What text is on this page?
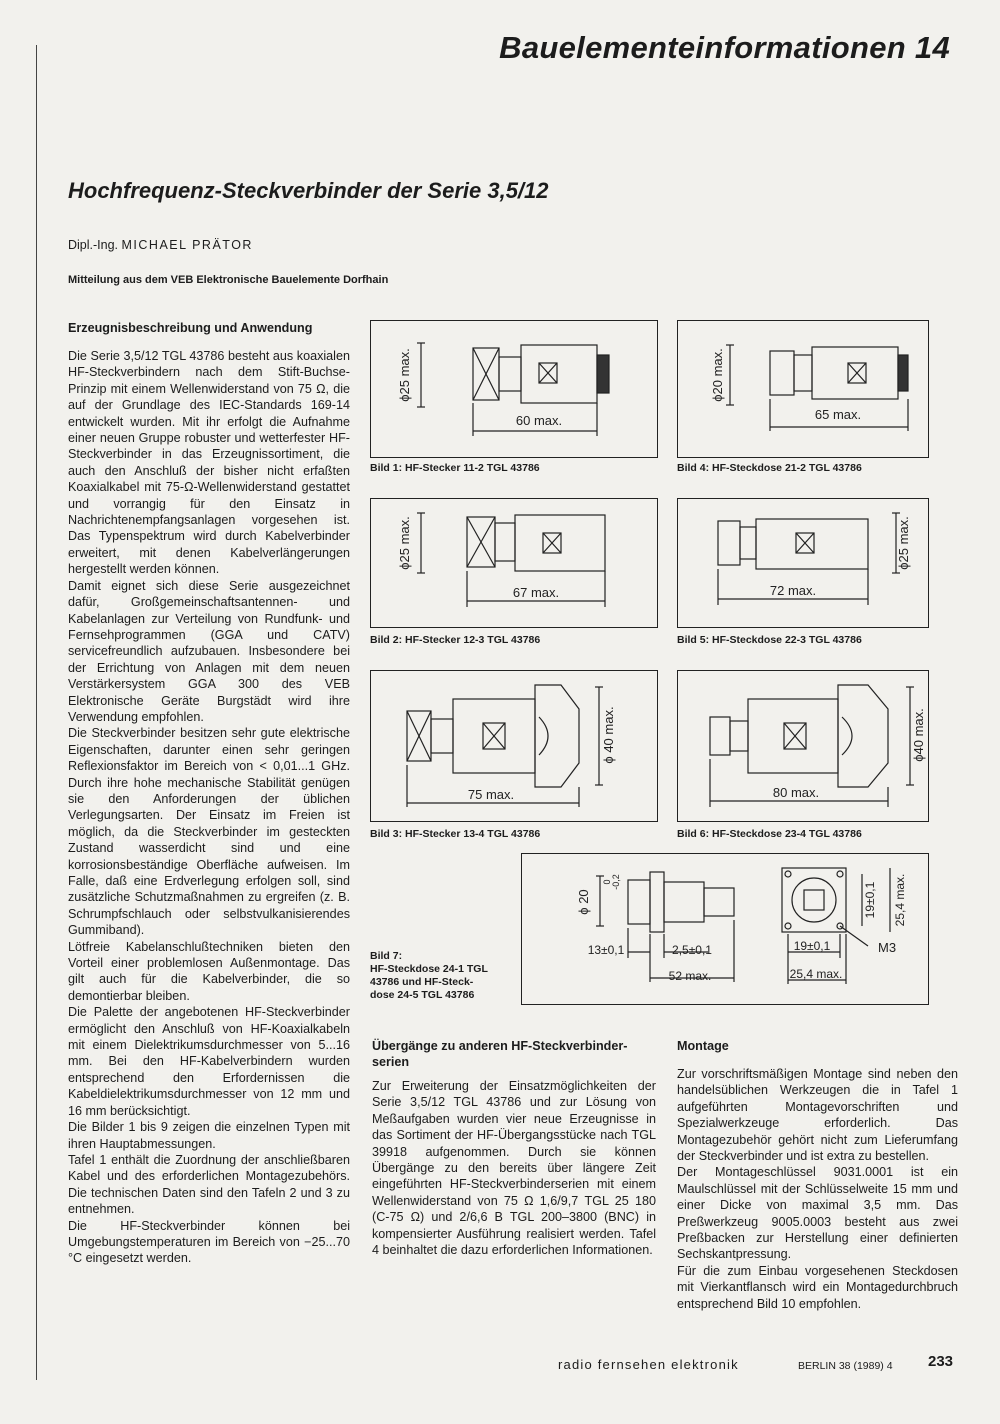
Bauelementeinformationen 14
Hochfrequenz-Steckverbinder der Serie 3,5/12
Dipl.-Ing. MICHAEL PRÄTOR
Mitteilung aus dem VEB Elektronische Bauelemente Dorfhain
Erzeugnisbeschreibung und Anwendung

Die Serie 3,5/12 TGL 43786 besteht aus koaxialen HF-Steckverbindern nach dem Stift-Buchse-Prinzip mit einem Wellenwiderstand von 75 Ω, die auf der Grundlage des IEC-Standards 169-14 entwickelt wurden. Mit ihr erfolgt die Aufnahme einer neuen Gruppe robuster und wetterfester HF-Steckverbinder in das Erzeugnissortiment, die auch den Anschluß der bisher nicht erfaßten Koaxialkabel mit 75-Ω-Wellenwiderstand gestattet und vorrangig für den Einsatz in Nachrichtenempfangsanlagen vorgesehen ist. Das Typenspektrum wird durch Kabelverbinder erweitert, mit denen Kabelverlängerungen hergestellt werden können.

Damit eignet sich diese Serie ausgezeichnet dafür, Großgemeinschaftsantennen- und Kabelanlagen zur Verteilung von Rundfunk- und Fernsehprogrammen (GGA und CATV) servicefreundlich aufzubauen. Insbesondere bei der Errichtung von Anlagen mit dem neuen Verstärkersystem GGA 300 des VEB Elektronische Geräte Burgstädt wird ihre Verwendung empfohlen.

Die Steckverbinder besitzen sehr gute elektrische Eigenschaften, darunter einen sehr geringen Reflexionsfaktor im Bereich von < 0,01...1 GHz. Durch ihre hohe mechanische Stabilität genügen sie den Anforderungen der üblichen Verlegungsarten. Der Einsatz im Freien ist möglich, da die Steckverbinder im gesteckten Zustand wasserdicht sind und eine korrosionsbeständige Oberfläche aufweisen. Im Falle, daß eine Erdverlegung erfolgen soll, sind zusätzliche Schutzmaßnahmen zu ergreifen (z. B. Schrumpfschlauch oder selbstvulkanisierendes Gummiband).

Lötfreie Kabelanschlußtechniken bieten den Vorteil einer problemlosen Außenmontage. Das gilt auch für die Kabelverbinder, die so demontierbar bleiben.

Die Palette der angebotenen HF-Steckverbinder ermöglicht den Anschluß von HF-Koaxialkabeln mit einem Dielektrikumsdurchmesser von 5...16 mm. Bei den HF-Kabelverbindern wurden entsprechend den Erfordernissen die Kabeldielektrikumsdurchmesser von 12 mm und 16 mm berücksichtigt.

Die Bilder 1 bis 9 zeigen die einzelnen Typen mit ihren Hauptabmessungen.

Tafel 1 enthält die Zuordnung der anschließbaren Kabel und des erforderlichen Montagezubehörs. Die technischen Daten sind den Tafeln 2 und 3 zu entnehmen.

Die HF-Steckverbinder können bei Umgebungstemperaturen im Bereich von −25...70 °C eingesetzt werden.

ϕ25 max.
60 max.
Bild 1: HF-Stecker 11-2 TGL 43786
ϕ20 max.
65 max.
Bild 4: HF-Steckdose 21-2 TGL 43786
ϕ25 max.
67 max.
Bild 2: HF-Stecker 12-3 TGL 43786
ϕ25 max.
72 max.
Bild 5: HF-Steckdose 22-3 TGL 43786
ϕ 40 max.
75 max.
Bild 3: HF-Stecker 13-4 TGL 43786
ϕ40 max.
80 max.
Bild 6: HF-Steckdose 23-4 TGL 43786
ϕ 20
0 -0,2
13±0,1	2,5±0,1
52 max.
19±0,1 25,4 max.
19±0,1	M3
25,4 max.
Bild 7:
HF-Steckdose 24-1 TGL
43786 und HF-Steck-
dose 24-5 TGL 43786
Übergänge zu anderen HF-Steckverbinder-serien

Zur Erweiterung der Einsatzmöglichkeiten der Serie 3,5/12 TGL 43786 und zur Lösung von Meßaufgaben wurden vier neue Erzeugnisse in das Sortiment der HF-Übergangsstücke nach TGL 39918 aufgenommen. Durch sie können Übergänge zu den bereits über längere Zeit eingeführten HF-Steckverbinderserien mit einem Wellenwiderstand von 75 Ω 1,6/9,7 TGL 25 180 (C-75 Ω) und 2/6,6 B TGL 200–3800 (BNC) in kompensierter Ausführung realisiert werden. Tafel 4 beinhaltet die dazu erforderlichen Informationen.

Montage

Zur vorschriftsmäßigen Montage sind neben den handelsüblichen Werkzeugen die in Tafel 1 aufgeführten Montagevorschriften und Spezialwerkzeuge erforderlich. Das Montagezubehör gehört nicht zum Lieferumfang der Steckverbinder und ist extra zu bestellen.

Der Montageschlüssel 9031.0001 ist ein Maulschlüssel mit der Schlüsselweite 15 mm und einer Dicke von maximal 3,5 mm. Das Preßwerkzeug 9005.0003 besteht aus zwei Preßbacken zur Herstellung einer definierten Sechskantpressung.

Für die zum Einbau vorgesehenen Steckdosen mit Vierkantflansch wird ein Montagedurchbruch entsprechend Bild 10 empfohlen.

radio fernsehen elektronik	BERLIN 38 (1989) 4 233
